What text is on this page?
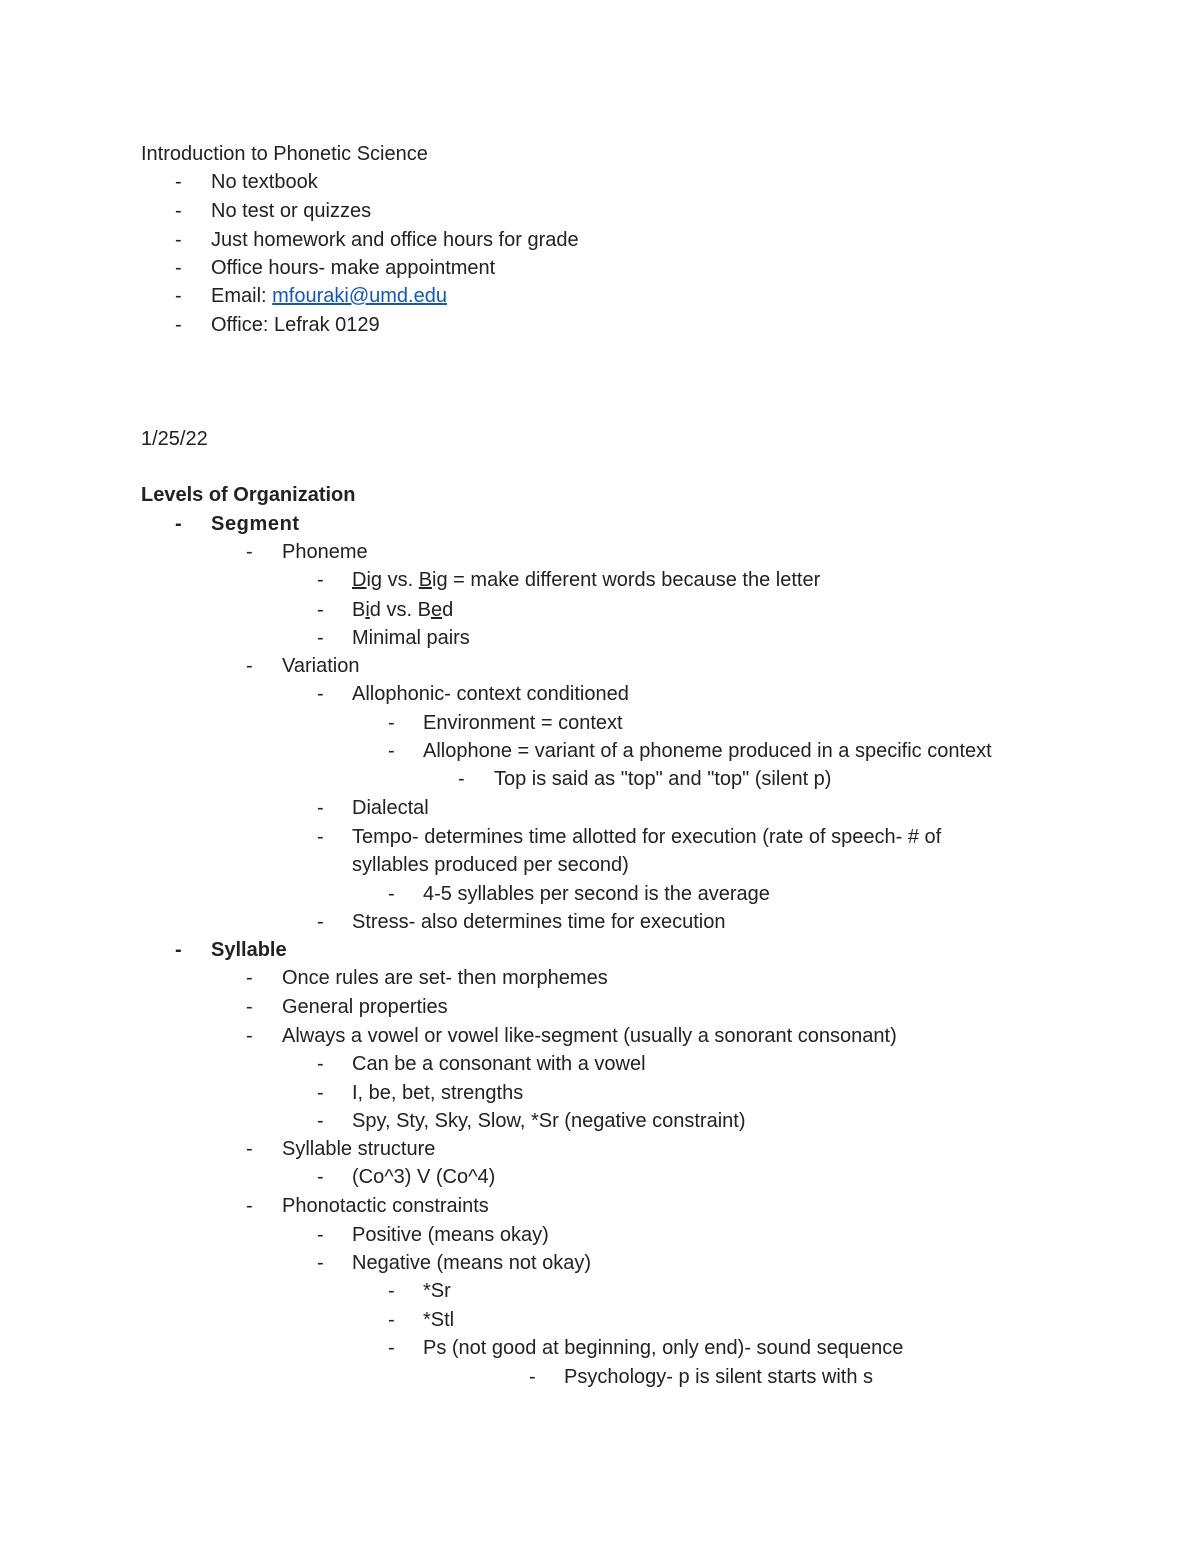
Introduction to Phonetic Science
- No textbook
- No test or quizzes
- Just homework and office hours for grade
- Office hours- make appointment
- Email: mfouraki@umd.edu
- Office: Lefrak 0129
1/25/22
Levels of Organization
- Segment
- Phoneme
- Dig vs. Big = make different words because the letter
- Bid vs. Bed
- Minimal pairs
- Variation
- Allophonic- context conditioned
- Environment = context
- Allophone = variant of a phoneme produced in a specific context
- Top is said as "top" and "top" (silent p)
- Dialectal
- Tempo- determines time allotted for execution (rate of speech- # of
syllables produced per second)
- 4-5 syllables per second is the average
- Stress- also determines time for execution
- Syllable
- Once rules are set- then morphemes
- General properties
- Always a vowel or vowel like-segment (usually a sonorant consonant)
- Can be a consonant with a vowel
- I, be, bet, strengths
- Spy, Sty, Sky, Slow, *Sr (negative constraint)
- Syllable structure
- (Co^3) V (Co^4)
- Phonotactic constraints
- Positive (means okay)
- Negative (means not okay)
- *Sr
- *Stl
- Ps (not good at beginning, only end)- sound sequence
- Psychology- p is silent starts with s
